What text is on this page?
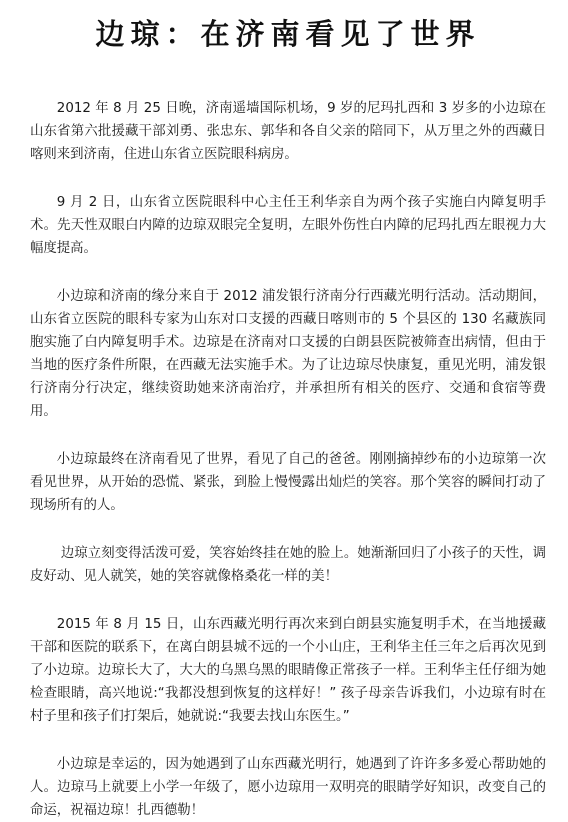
边琼：在济南看见了世界

2012 年 8 月 25 日晚，济南遥墙国际机场，9 岁的尼玛扎西和 3 岁多的小边琼在山东省第六批援藏干部刘勇、张忠东、郭华和各自父亲的陪同下，从万里之外的西藏日喀则来到济南，住进山东省立医院眼科病房。

9 月 2 日，山东省立医院眼科中心主任王利华亲自为两个孩子实施白内障复明手术。先天性双眼白内障的边琼双眼完全复明，左眼外伤性白内障的尼玛扎西左眼视力大幅度提高。

小边琼和济南的缘分来自于 2012 浦发银行济南分行西藏光明行活动。活动期间，山东省立医院的眼科专家为山东对口支援的西藏日喀则市的 5 个县区的 130 名藏族同胞实施了白内障复明手术。边琼是在济南对口支援的白朗县医院被筛查出病情，但由于当地的医疗条件所限，在西藏无法实施手术。为了让边琼尽快康复，重见光明，浦发银行济南分行决定，继续资助她来济南治疗，并承担所有相关的医疗、交通和食宿等费用。

小边琼最终在济南看见了世界，看见了自己的爸爸。刚刚摘掉纱布的小边琼第一次看见世界，从开始的恐慌、紧张，到脸上慢慢露出灿烂的笑容。那个笑容的瞬间打动了现场所有的人。

边琼立刻变得活泼可爱，笑容始终挂在她的脸上。她渐渐回归了小孩子的天性，调皮好动、见人就笑，她的笑容就像格桑花一样的美！

2015 年 8 月 15 日，山东西藏光明行再次来到白朗县实施复明手术，在当地援藏干部和医院的联系下，在离白朗县城不远的一个小山庄，王利华主任三年之后再次见到了小边琼。边琼长大了，大大的乌黑乌黑的眼睛像正常孩子一样。王利华主任仔细为她检查眼睛，高兴地说:“我都没想到恢复的这样好！” 孩子母亲告诉我们，小边琼有时在村子里和孩子们打架后，她就说:“我要去找山东医生。”

小边琼是幸运的，因为她遇到了山东西藏光明行，她遇到了许许多多爱心帮助她的人。边琼马上就要上小学一年级了，愿小边琼用一双明亮的眼睛学好知识，改变自己的命运，祝福边琼！扎西德勒！
